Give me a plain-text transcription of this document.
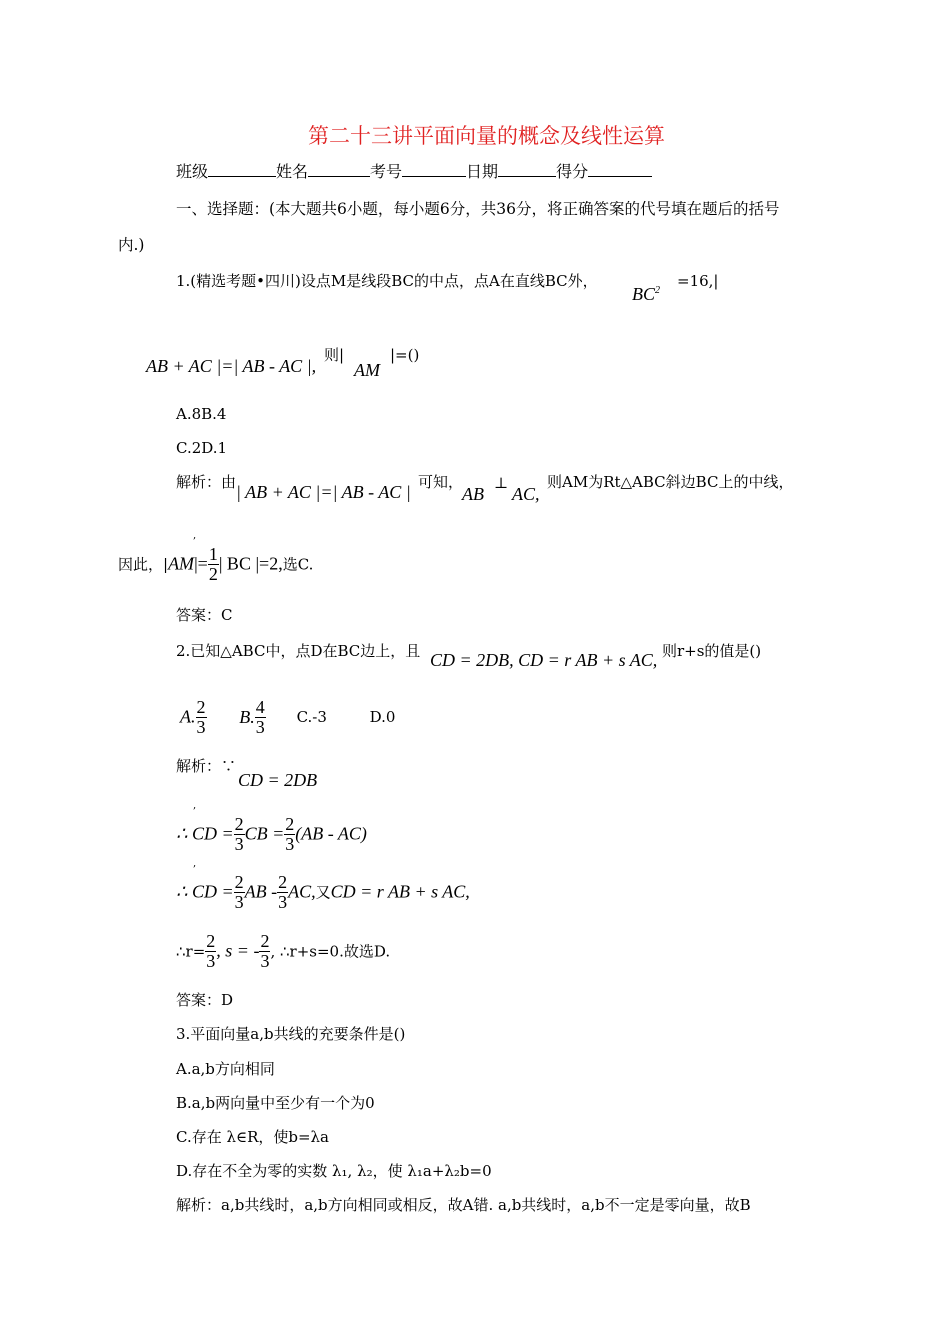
第二十三讲平面向量的概念及线性运算
班级	姓名	考号	日期	得分
一、选择题：(本大题共6小题，每小题6分，共36分，将正确答案的代号填在题后的括号
内.)
1.(精选考题•四川)设点M是线段BC的中点，点A在直线BC外，
$BC^2$
=16,|
AB + AC |=| AB - AC |,
则|
AM
|=()
A.8B.4
C.2D.1
解析：由 | AB + AC |=| AB - AC | 可知，
AB
⊥
AC,
则AM为Rt△ABC斜边BC上的中线，
,
因此，$|AM|= \frac{1}{2}$ | BC |=2,选C.
答案：C
2.已知△ABC中，点D在BC边上，且 CD = 2DB, CD = r AB + s AC, 则r+s的值是()
A. $\frac{2}{3} B$. $\frac{4}{3} C.-3$	D.0
解析：∵
CD = 2DB
,
∴ CD = $\frac{2}{3}$ CB = $\frac{2}{3} (AB - AC)$
,
∴ CD = $\frac{2}{3}$ AB - $\frac{2}{3}$ AC,又CD = r AB + s AC,
∴r= $\frac{2}{3}$ , s = - $\frac{2}{3}$ , ∴r+s=0.故选D.
答案：D
3.平面向量a,b共线的充要条件是()
A.a,b方向相同
B.a,b两向量中至少有一个为0
C.存在 λ∈R，使b=λa
D.存在不全为零的实数 λ₁, λ₂，使 λ₁a+λ₂b=0
解析：a,b共线时，a,b方向相同或相反，故A错. a,b共线时，a,b不一定是零向量，故B
